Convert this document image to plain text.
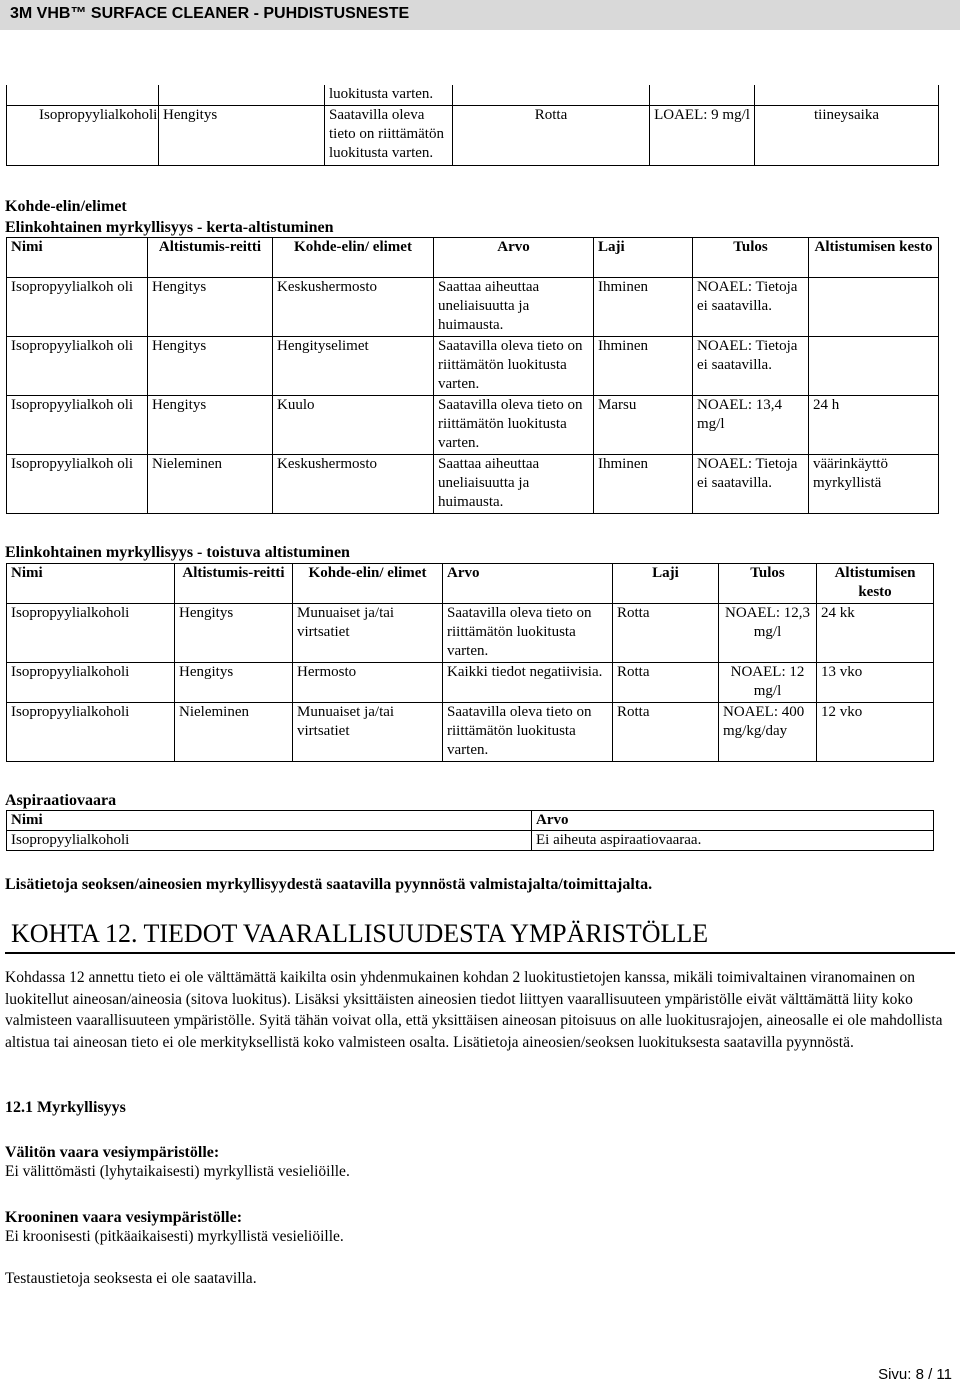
3M VHB™ SURFACE CLEANER - PUHDISTUSNESTE
		luokitusta varten.			
Isopropyylialkoholi	Hengitys	Saatavilla oleva tieto on riittämätön luokitusta varten.	Rotta	LOAEL: 9 mg/l	tiineysaika
Kohde-elin/elimet
Elinkohtainen myrkyllisyys - kerta-altistuminen
Nimi	Altistumis-reitti	Kohde-elin/ elimet	Arvo	Laji	Tulos	Altistumisen kesto
Isopropyylialkoh oli	Hengitys	Keskushermosto	Saattaa aiheuttaa uneliaisuutta ja huimausta.	Ihminen	NOAEL: Tietoja ei saatavilla.	
Isopropyylialkoh oli	Hengitys	Hengityselimet	Saatavilla oleva tieto on riittämätön luokitusta varten.	Ihminen	NOAEL: Tietoja ei saatavilla.	
Isopropyylialkoh oli	Hengitys	Kuulo	Saatavilla oleva tieto on riittämätön luokitusta varten.	Marsu	NOAEL: 13,4 mg/l	24 h
Isopropyylialkoh oli	Nieleminen	Keskushermosto	Saattaa aiheuttaa uneliaisuutta ja huimausta.	Ihminen	NOAEL: Tietoja ei saatavilla.	väärinkäyttö myrkyllistä
Elinkohtainen myrkyllisyys - toistuva altistuminen
Nimi	Altistumis-reitti	Kohde-elin/ elimet	Arvo	Laji	Tulos	Altistumisen kesto
Isopropyylialkoholi	Hengitys	Munuaiset ja/tai virtsatiet	Saatavilla oleva tieto on riittämätön luokitusta varten.	Rotta	NOAEL: 12,3 mg/l	24 kk
Isopropyylialkoholi	Hengitys	Hermosto	Kaikki tiedot negatiivisia.	Rotta	NOAEL: 12 mg/l	13 vko
Isopropyylialkoholi	Nieleminen	Munuaiset ja/tai virtsatiet	Saatavilla oleva tieto on riittämätön luokitusta varten.	Rotta	NOAEL: 400 mg/kg/day	12 vko
Aspiraatiovaara
Nimi	Arvo
Isopropyylialkoholi	Ei aiheuta aspiraatiovaaraa.
Lisätietoja seoksen/aineosien myrkyllisyydestä saatavilla pyynnöstä valmistajalta/toimittajalta.
KOHTA 12. TIEDOT VAARALLISUUDESTA YMPÄRISTÖLLE
Kohdassa 12 annettu tieto ei ole välttämättä kaikilta osin yhdenmukainen kohdan 2 luokitustietojen kanssa, mikäli toimivaltainen viranomainen on luokitellut aineosan/aineosia (sitova luokitus). Lisäksi yksittäisten aineosien tiedot liittyen vaarallisuuteen ympäristölle eivät välttämättä liity koko valmisteen vaarallisuuteen ympäristölle. Syitä tähän voivat olla, että yksittäisen aineosan pitoisuus on alle luokitusrajojen, aineosalle ei ole mahdollista altistua tai aineosan tieto ei ole merkityksellistä koko valmisteen osalta. Lisätietoja aineosien/seoksen luokituksesta saatavilla pyynnöstä.
12.1 Myrkyllisyys
Välitön vaara vesiympäristölle:
Ei välittömästi (lyhytaikaisesti) myrkyllistä vesieliöille.
Krooninen vaara vesiympäristölle:
Ei kroonisesti (pitkäaikaisesti) myrkyllistä vesieliöille.
Testaustietoja seoksesta ei ole saatavilla.
Sivu: 8 / 11
